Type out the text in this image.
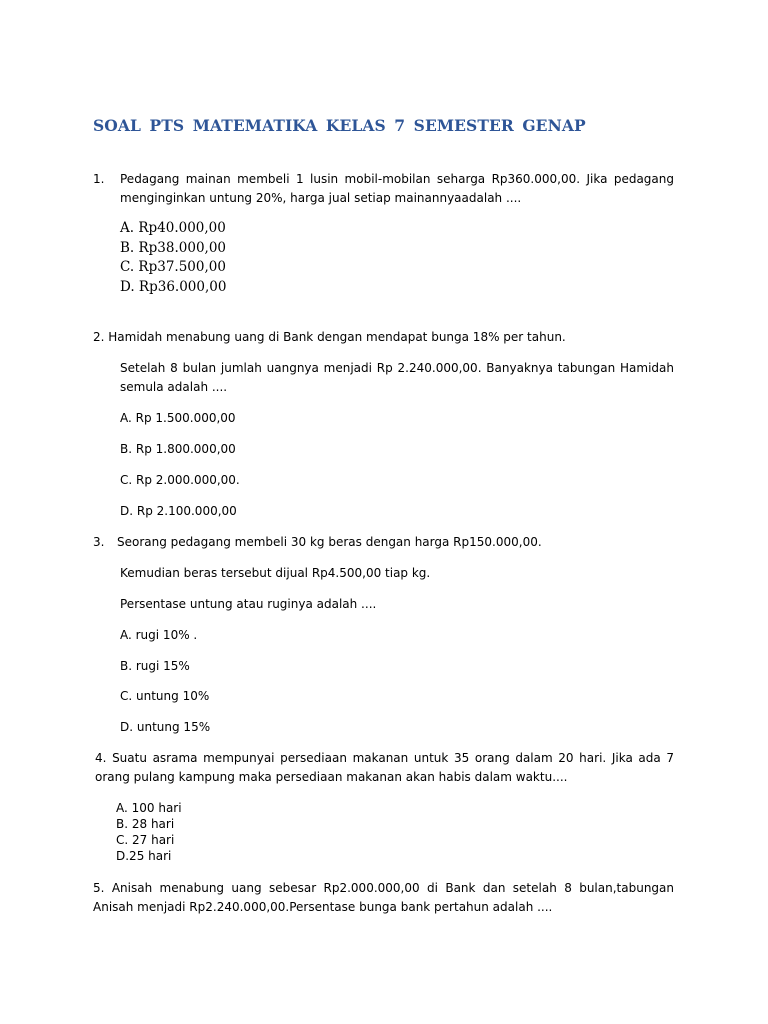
SOAL PTS MATEMATIKA KELAS 7 SEMESTER GENAP
1. Pedagang mainan membeli 1 lusin mobil-mobilan seharga Rp360.000,00. Jika pedagang menginginkan untung 20%, harga jual setiap mainannyaadalah ....
A. Rp40.000,00
B. Rp38.000,00
C. Rp37.500,00
D. Rp36.000,00
2. Hamidah menabung uang di Bank dengan mendapat bunga 18% per tahun.
Setelah 8 bulan jumlah uangnya menjadi Rp 2.240.000,00. Banyaknya tabungan Hamidah semula adalah ....
A. Rp 1.500.000,00
B. Rp 1.800.000,00
C. Rp 2.000.000,00.
D. Rp 2.100.000,00
3. Seorang pedagang membeli 30 kg beras dengan harga Rp150.000,00.
Kemudian beras tersebut dijual Rp4.500,00 tiap kg.
Persentase untung atau ruginya adalah ....
A. rugi 10% .
B. rugi 15%
C. untung 10%
D. untung 15%
4. Suatu asrama mempunyai persediaan makanan untuk 35 orang dalam 20 hari. Jika ada 7 orang pulang kampung maka persediaan makanan akan habis dalam waktu....
A. 100 hari
B. 28 hari
C. 27 hari
D.25 hari
5. Anisah menabung uang sebesar Rp2.000.000,00 di Bank dan setelah 8 bulan,tabungan Anisah menjadi Rp2.240.000,00.Persentase bunga bank pertahun adalah ....
